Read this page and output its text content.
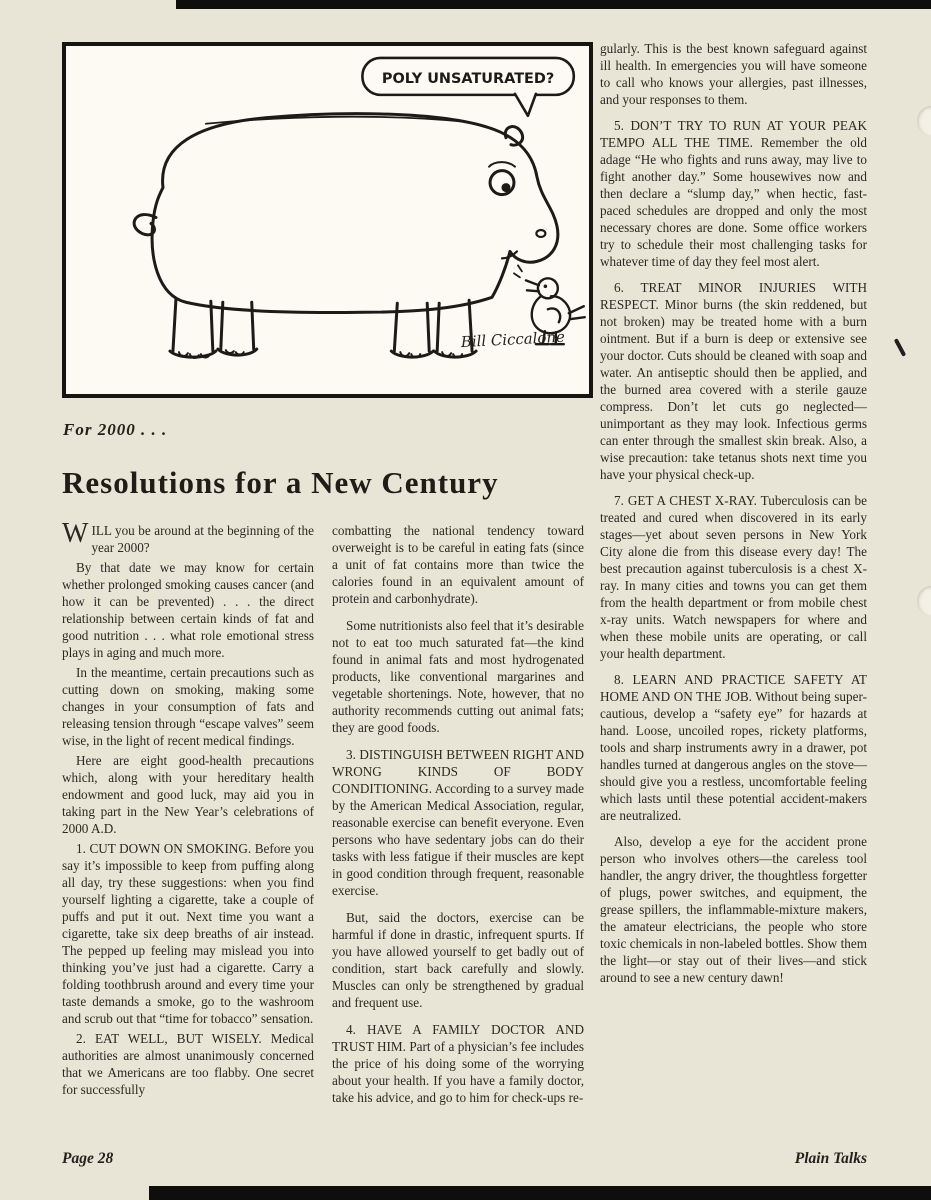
POLY UNSATURATED?
Bill Ciccalone
For 2000 . . .
Resolutions for a New Century

WILL you be around at the beginning of the year 2000?

By that date we may know for certain whether prolonged smoking causes cancer (and how it can be prevented) . . . the direct relationship between certain kinds of fat and good nutrition . . . what role emotional stress plays in aging and much more.

In the meantime, certain precautions such as cutting down on smoking, making some changes in your consumption of fats and releasing tension through “escape valves” seem wise, in the light of recent medical findings.

Here are eight good-health precautions which, along with your hereditary health endowment and good luck, may aid you in taking part in the New Year’s celebrations of 2000 A.D.

1. CUT DOWN ON SMOKING. Before you say it’s impossible to keep from puffing along all day, try these suggestions: when you find yourself lighting a cigarette, take a couple of puffs and put it out. Next time you want a cigarette, take six deep breaths of air instead. The pepped up feeling may mislead you into thinking you’ve just had a cigarette. Carry a folding toothbrush around and every time your taste demands a smoke, go to the washroom and scrub out that “time for tobacco” sensation.

2. EAT WELL, BUT WISELY. Medical authorities are almost unanimously concerned that we Americans are too flabby. One secret for successfully

combatting the national tendency toward overweight is to be careful in eating fats (since a unit of fat contains more than twice the calories found in an equivalent amount of protein and carbonhydrate).

Some nutritionists also feel that it’s desirable not to eat too much saturated fat—the kind found in animal fats and most hydrogenated products, like conventional margarines and vegetable shortenings. Note, however, that no authority recommends cutting out animal fats; they are good foods.

3. DISTINGUISH BETWEEN RIGHT AND WRONG KINDS OF BODY CONDITIONING. According to a survey made by the American Medical Association, regular, reasonable exercise can benefit everyone. Even persons who have sedentary jobs can do their tasks with less fatigue if their muscles are kept in good condition through frequent, reasonable exercise.

But, said the doctors, exercise can be harmful if done in drastic, infrequent spurts. If you have allowed yourself to get badly out of condition, start back carefully and slowly. Muscles can only be strengthened by gradual and frequent use.

4. HAVE A FAMILY DOCTOR AND TRUST HIM. Part of a physician’s fee includes the price of his doing some of the worrying about your health. If you have a family doctor, take his advice, and go to him for check-ups re-

gularly. This is the best known safeguard against ill health. In emergencies you will have someone to call who knows your allergies, past illnesses, and your responses to them.

5. DON’T TRY TO RUN AT YOUR PEAK TEMPO ALL THE TIME. Remember the old adage “He who fights and runs away, may live to fight another day.” Some housewives now and then declare a “slump day,” when hectic, fast-paced schedules are dropped and only the most necessary chores are done. Some office workers try to schedule their most challenging tasks for whatever time of day they feel most alert.

6. TREAT MINOR INJURIES WITH RESPECT. Minor burns (the skin reddened, but not broken) may be treated home with a burn ointment. But if a burn is deep or extensive see your doctor. Cuts should be cleaned with soap and water. An antiseptic should then be applied, and the burned area covered with a sterile gauze compress. Don’t let cuts go neglected—unimportant as they may look. Infectious germs can enter through the smallest skin break. Also, a wise precaution: take tetanus shots next time you have your physical check-up.

7. GET A CHEST X-RAY. Tuberculosis can be treated and cured when discovered in its early stages—yet about seven persons in New York City alone die from this disease every day! The best precaution against tuberculosis is a chest X-ray. In many cities and towns you can get them from the health department or from mobile chest x-ray units. Watch newspapers for where and when these mobile units are operating, or call your health department.

8. LEARN AND PRACTICE SAFETY AT HOME AND ON THE JOB. Without being super-cautious, develop a “safety eye” for hazards at hand. Loose, uncoiled ropes, rickety platforms, tools and sharp instruments awry in a drawer, pot handles turned at dangerous angles on the stove—should give you a restless, uncomfortable feeling which lasts until these potential accident-makers are neutralized.

Also, develop a eye for the accident prone person who involves others—the careless tool handler, the angry driver, the thoughtless forgetter of plugs, power switches, and equipment, the grease spillers, the inflammable-mixture makers, the amateur electricians, the people who store toxic chemicals in non-labeled bottles. Show them the light—or stay out of their lives—and stick around to see a new century dawn!

Page 28	Plain Talks
